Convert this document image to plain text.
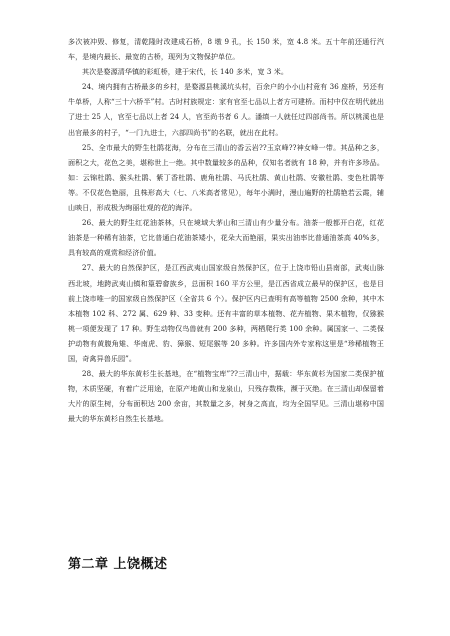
多次被冲毁、修复，清乾隆时改建成石桥，8 墩 9 孔，长 150 米，宽 4.8 米。五十年前还通行汽车，是境内最长、最宽的古桥，现列为文物保护单位。

其次是婺源清华镇的彩虹桥，建于宋代，长 140 多米，宽 3 米。

24、境内拥有古桥最多的乡村，是婺源县桃溪坑头村，百余户的小小山村竟有 36 座桥，另还有牛单桥，人称“三十六桥半”村。古时村族规定：家有官至七品以上者方可建桥。而村中仅在明代就出了进士 25 人，官至七品以上者 24 人，官至尚书者 6 人。潘缜一人就任过四部尚书。所以桃溪也是出官最多的村子，“一门九进士，六部四尚书”的名联，就出在此村。

25、全市最大的野生杜鹃花海，分布在三清山的香云岩??玉京峰??神女峰一带。其品种之多，面积之大，花色之美，堪称世上一绝。其中数量较多的品种，仅知名者就有 18 种，并有许多珍品。如：云锦杜鹃、猴头杜鹃、紫丁香杜鹃、鹿角杜鹃、马氏杜鹃、黄山杜鹃、安徽杜鹃、变色杜鹃等等。不仅花色艳丽，且株形高大（七、八米高者常见），每年小满时，漫山遍野的杜鹃艳若云霞，辅山映日，形成极为绚丽壮观的花的海洋。

26、最大的野生红花油茶林，只在境域大茅山和三清山有少量分布。油茶一般都开白花，红花油茶是一种稀有油茶，它比普通白花油茶矮小，花朵大而艳丽，果实出油率比普通油茶高 40%多，具有较高的观赏和经济价值。

27、最大的自然保护区，是江西武夷山国家级自然保护区，位于上饶市铅山县南部，武夷山脉西北坡，地跨武夷山镇和篁碧畲族乡，总面积 160 平方公里，是江西省成立最早的保护区，也是目前上饶市唯一的国家级自然保护区（全省共 6 个）。保护区内已查明有高等植物 2500 余种，其中木本植物 102 科、272 属、629 种、33 变种。还有丰富的草本植物、花卉植物、果木植物，仅猕猴桃一项便发现了 17 种。野生动物仅鸟兽就有 200 多种，两栖爬行类 100 余种。属国家一、二类保护动物有黄腹角雉、华南虎、豹、獐猴、短尾猴等 20 多种。许多国内外专家称这里是“珍稀植物王国，奇禽异兽乐园”。

28、最大的华东黄杉生长基地，在“植物宝库”??三清山中，据载：华东黄杉为国家二类保护植物，木质坚硬，有着广泛用途，在原产地黄山和龙泉山，只残存数株，濒于灭绝。在三清山却保留着大片的原生树，分布面积达 200 余亩，其数量之多，树身之高直，均为全国罕见。三清山堪称中国最大的华东黄杉自然生长基地。

第二章 上饶概述
